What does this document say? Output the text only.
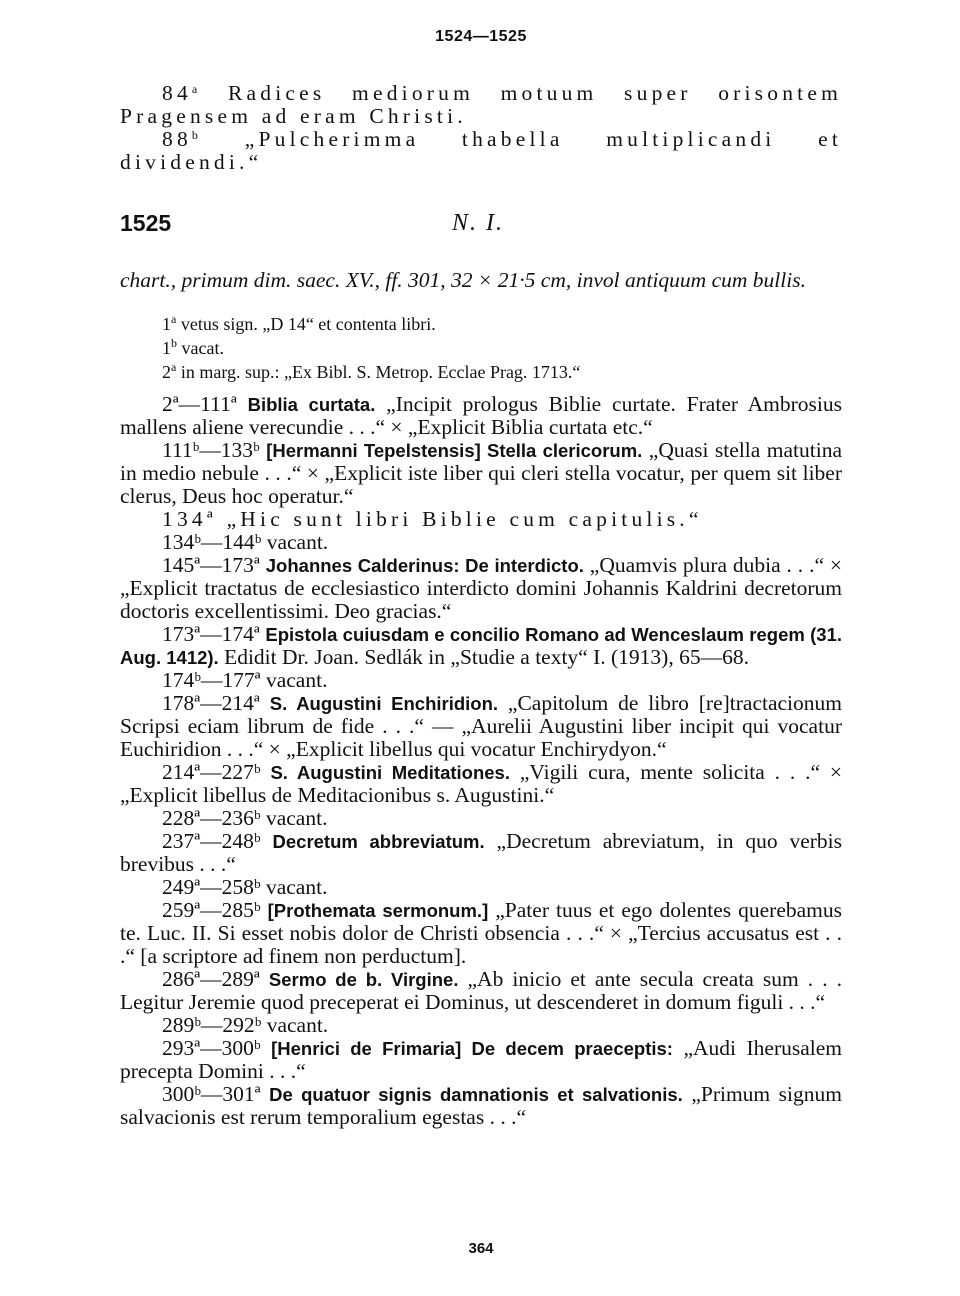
1524—1525

84$^a$ Radices mediorum motuum super orisontem Pragensem ad eram Christi.

88$^b$ „Pulcherimma thabella multiplicandi et dividendi.“

1525	N. I.

chart., primum dim. saec. XV., ff. 301, 32 × 21·5 cm, invol antiquum cum bullis.

1$^a$ vetus sign. „D 14“ et contenta libri.

1$^b$ vacat.

2$^a$ in marg. sup.: „Ex Bibl. S. Metrop. Ecclae Prag. 1713.“

2ª—111ª Biblia curtata. „Incipit prologus Biblie curtate. Frater Ambrosius mallens aliene verecundie . . .“ × „Explicit Biblia curtata etc.“

111ᵇ—133ᵇ [Hermanni Tepelstensis] Stella clericorum. „Quasi stella matutina in medio nebule . . .“ × „Explicit iste liber qui cleri stella vocatur, per quem sit liber clerus, Deus hoc operatur.“

134ª „Hic sunt libri Biblie cum capitulis.“

134ᵇ—144ᵇ vacant.

145ª—173ª Johannes Calderinus: De interdicto. „Quamvis plura dubia . . .“ × „Explicit tractatus de ecclesiastico interdicto domini Johannis Kaldrini decretorum doctoris excellentissimi. Deo gracias.“

173ª—174ª Epistola cuiusdam e concilio Romano ad Wenceslaum regem (31. Aug. 1412). Edidit Dr. Joan. Sedlák in „Studie a texty“ I. (1913), 65—68.

174ᵇ—177ª vacant.

178ª—214ª S. Augustini Enchiridion. „Capitolum de libro [re]tractacionum Scripsi eciam librum de fide . . .“ — „Aurelii Augustini liber incipit qui vocatur Euchiridion . . .“ × „Explicit libellus qui vocatur Enchirydyon.“

214ª—227ᵇ S. Augustini Meditationes. „Vigili cura, mente solicita . . .“ × „Explicit libellus de Meditacionibus s. Augustini.“

228ª—236ᵇ vacant.

237ª—248ᵇ Decretum abbreviatum. „Decretum abreviatum, in quo verbis brevibus . . .“

249ª—258ᵇ vacant.

259ª—285ᵇ [Prothemata sermonum.] „Pater tuus et ego dolentes querebamus te. Luc. II. Si esset nobis dolor de Christi obsencia . . .“ × „Tercius accusatus est . . .“ [a scriptore ad finem non perductum].

286ª—289ª Sermo de b. Virgine. „Ab inicio et ante secula creata sum . . . Legitur Jeremie quod preceperat ei Dominus, ut descenderet in domum figuli . . .“

289ᵇ—292ᵇ vacant.

293ª—300ᵇ [Henrici de Frimaria] De decem praeceptis: „Audi Iherusalem precepta Domini . . .“

300ᵇ—301ª De quatuor signis damnationis et salvationis. „Primum signum salvacionis est rerum temporalium egestas . . .“

364
